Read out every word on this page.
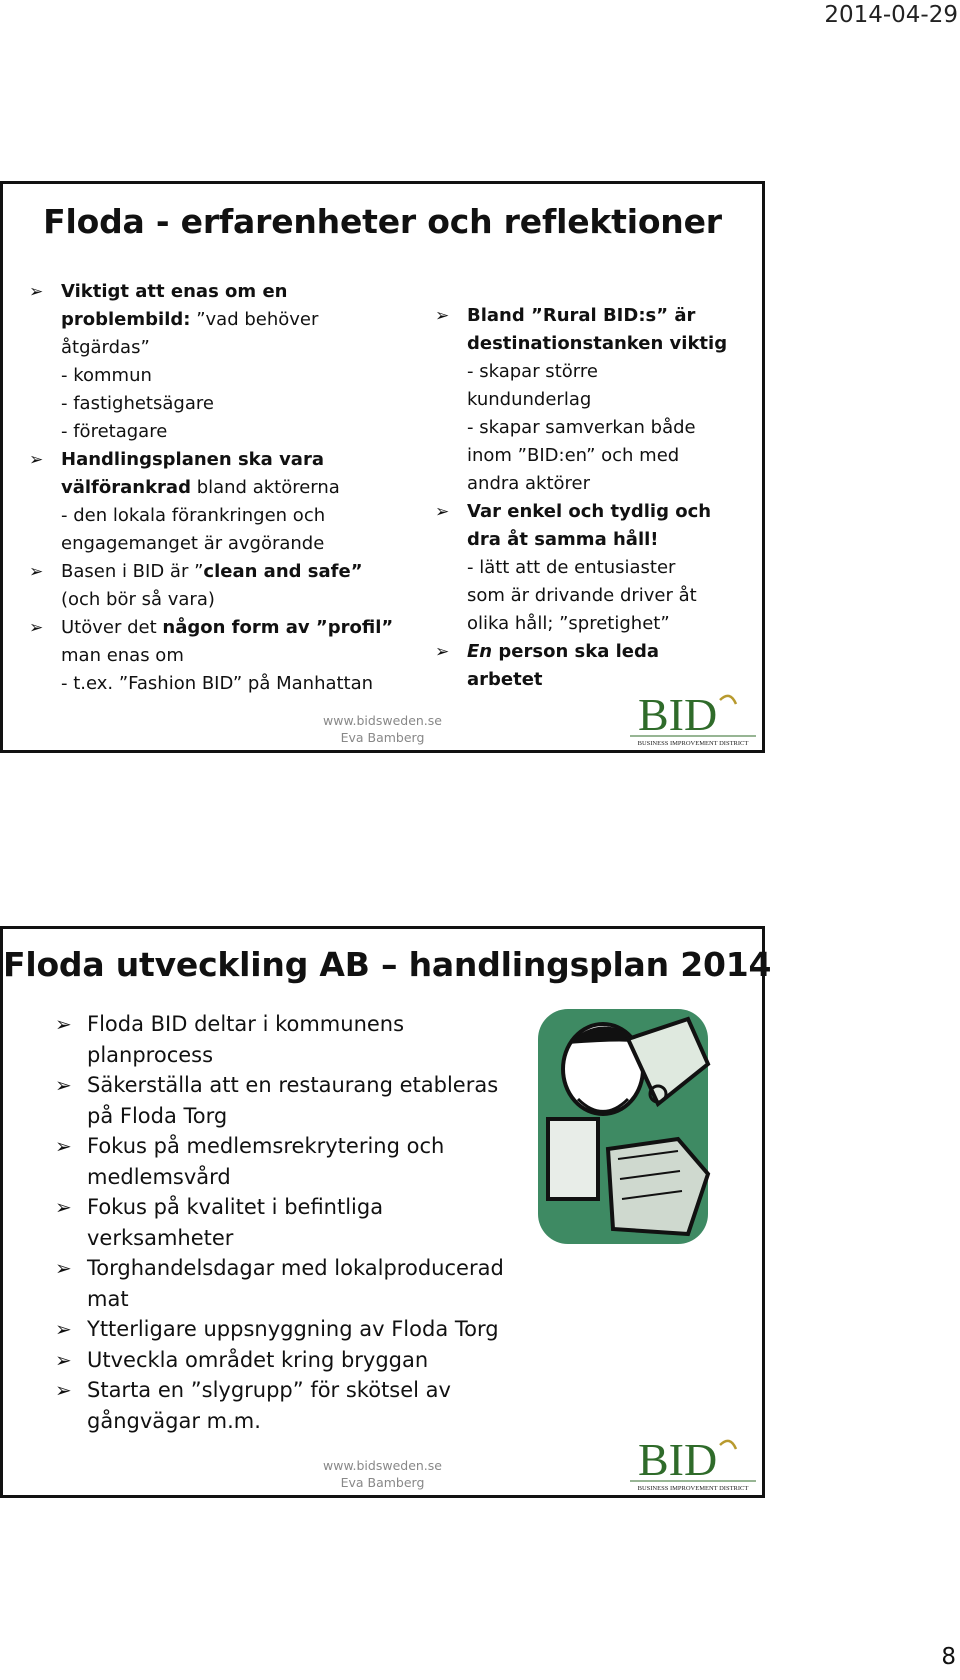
2014-04-29
Floda - erfarenheter och reflektioner
➢ Viktigt att enas om en
problembild: ”vad behöver
åtgärdas”
- kommun
- fastighetsägare
- företagare
➢ Handlingsplanen ska vara
välförankrad bland aktörerna
- den lokala förankringen och
engagemanget är avgörande
➢ Basen i BID är ”clean and safe”
(och bör så vara)
➢ Utöver det någon form av ”profil”
man enas om
- t.ex. ”Fashion BID” på Manhattan
➢ Bland ”Rural BID:s” är
destinationstanken viktig
- skapar större
kundunderlag
- skapar samverkan både
inom ”BID:en” och med
andra aktörer
➢ Var enkel och tydlig och
dra åt samma håll!
- lätt att de entusiaster
som är drivande driver åt
olika håll; ”spretighet”
➢ En person ska leda
arbetet
www.bidsweden.se
Eva Bamberg	BID
BUSINESS IMPROVEMENT DISTRICT
Floda utveckling AB – handlingsplan 2014
➢ Floda BID deltar i kommunens
planprocess
➢ Säkerställa att en restaurang etableras
på Floda Torg
➢ Fokus på medlemsrekrytering och
medlemsvård
➢ Fokus på kvalitet i befintliga
verksamheter
➢ Torghandelsdagar med lokalproducerad
mat
➢ Ytterligare uppsnyggning av Floda Torg
➢ Utveckla området kring bryggan
➢ Starta en ”slygrupp” för skötsel av
gångvägar m.m.
www.bidsweden.se
Eva Bamberg	BID
BUSINESS IMPROVEMENT DISTRICT
8
